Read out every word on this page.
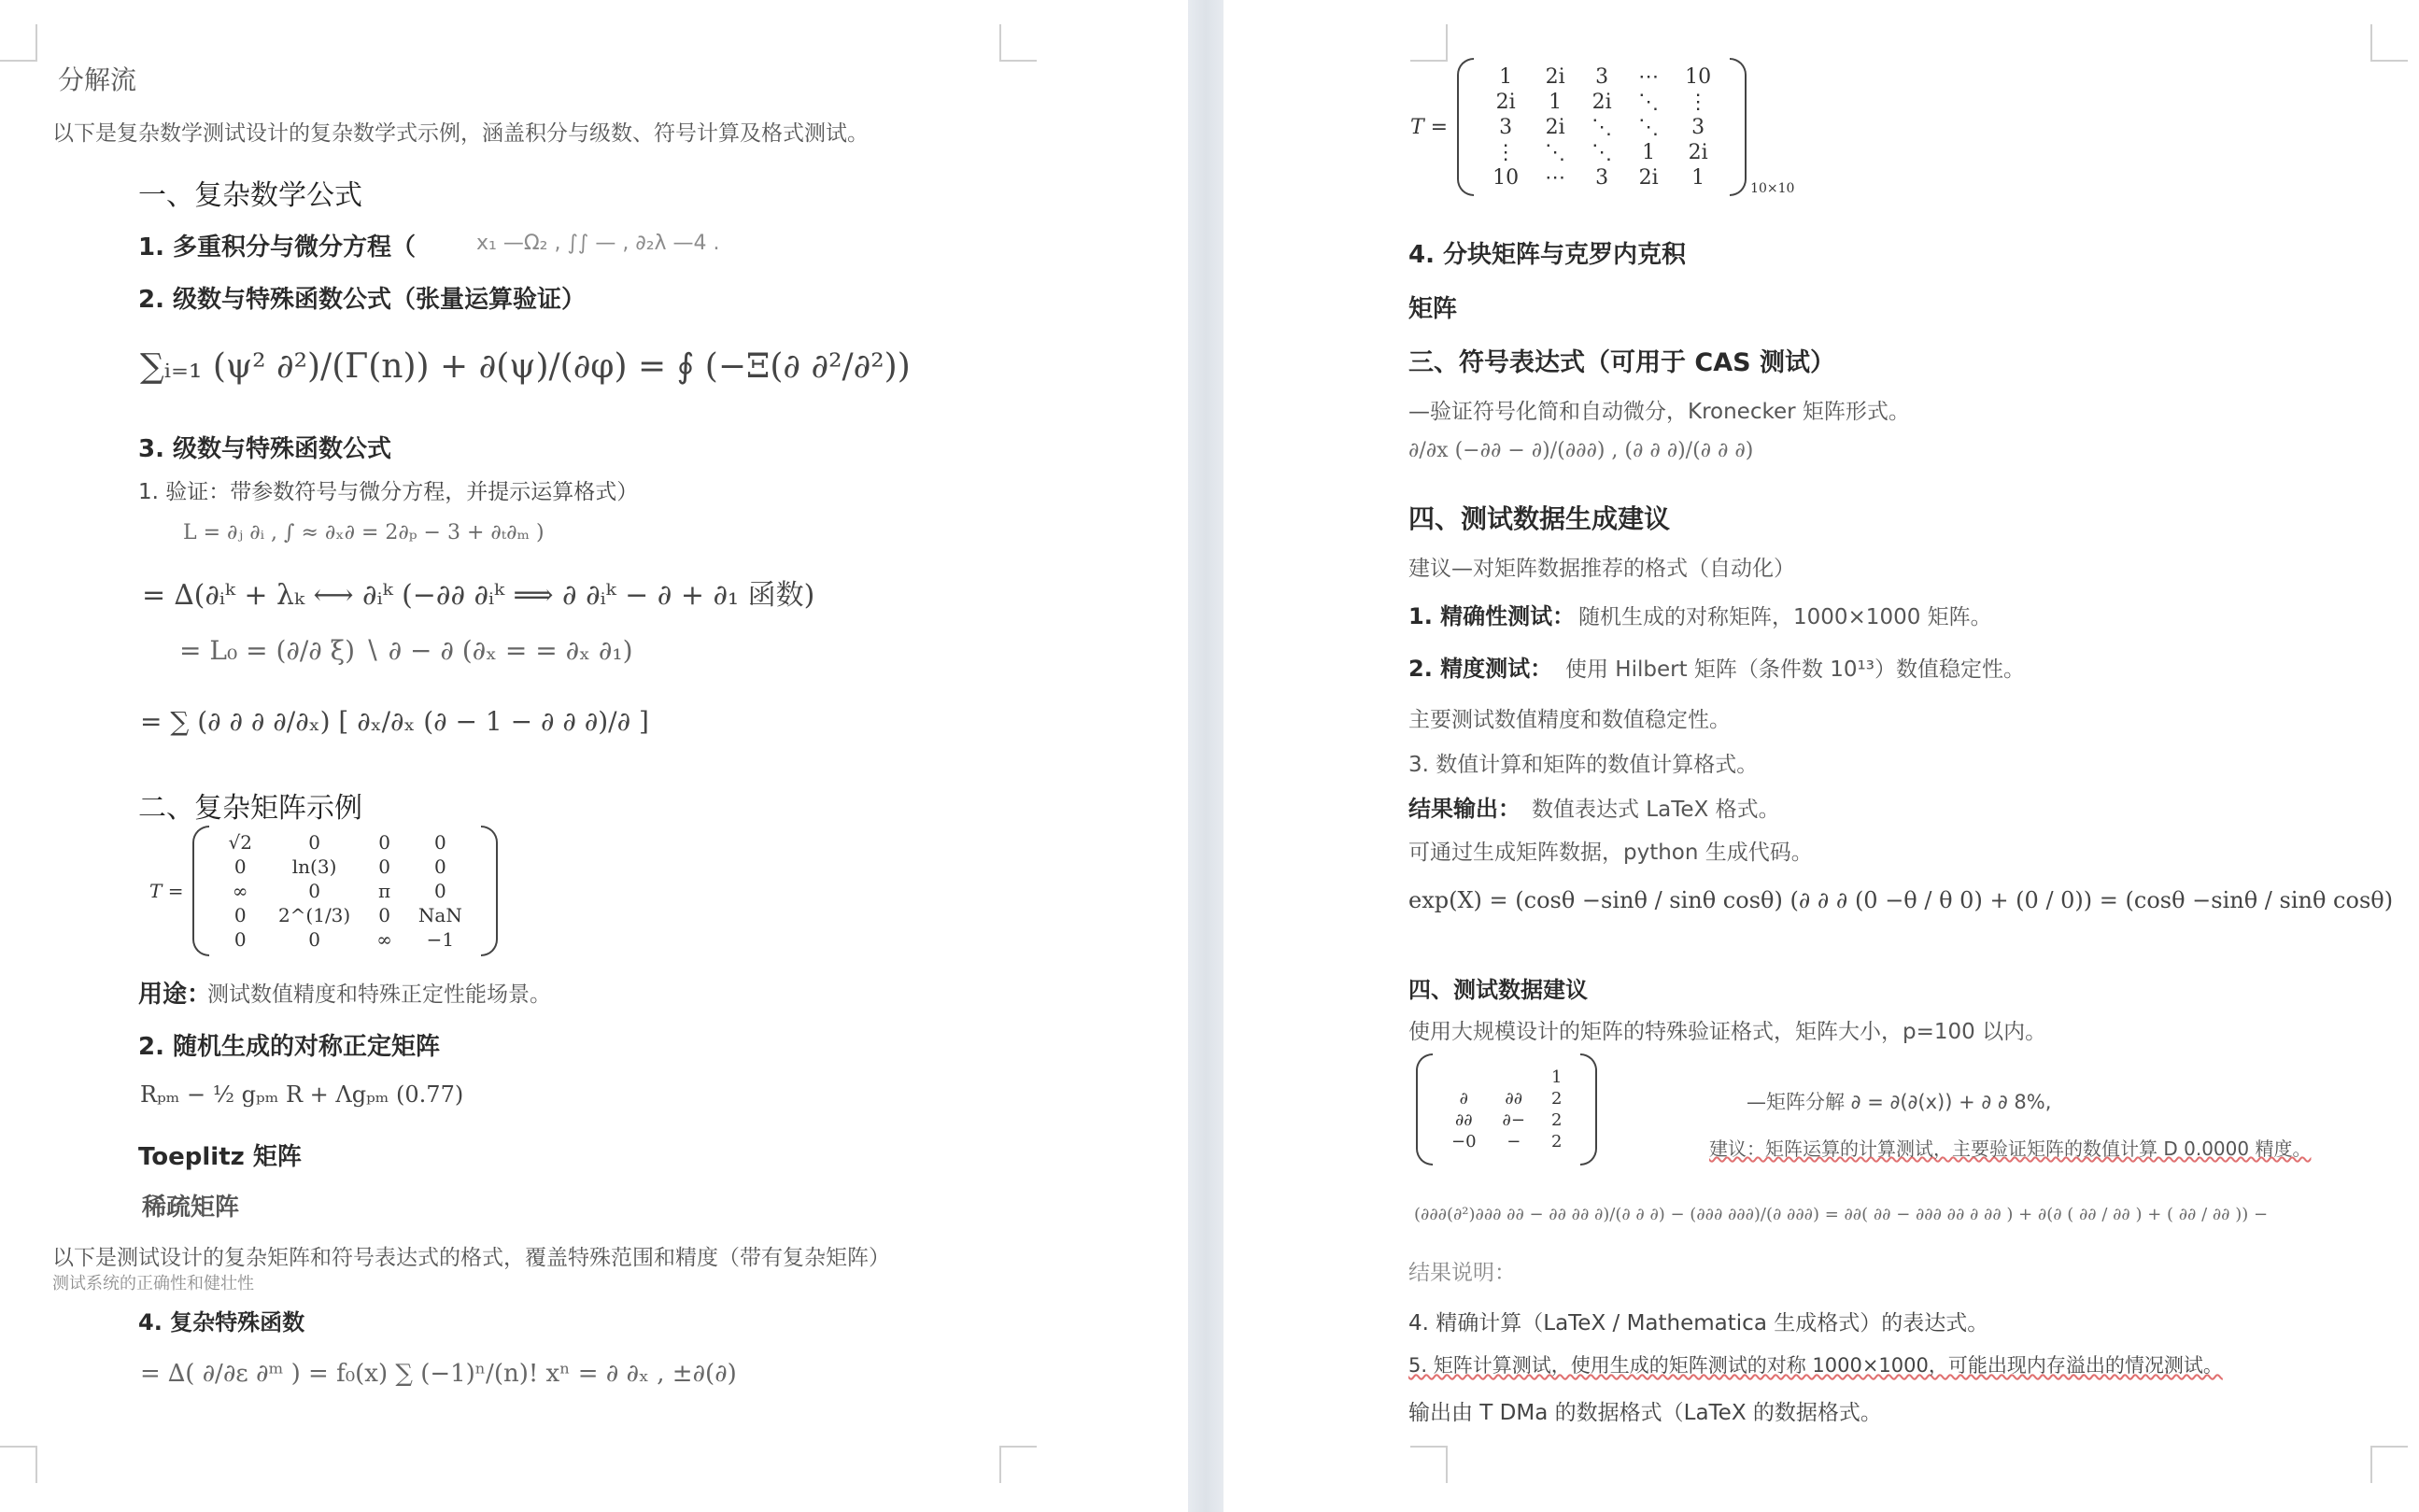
分解流
以下是复杂数学测试设计的复杂数学式示例，涵盖积分与级数、符号计算及格式测试。
一、复杂数学公式
1. 多重积分与微分方程（	x₁ —Ω₂ , ∫∫ — , ∂₂λ —4 .
2. 级数与特殊函数公式（张量运算验证）
∑ᵢ₌₁ (ψ² ∂²)/(Γ(n)) + ∂(ψ)/(∂φ) = ∮ (−Ξ(∂ ∂²/∂²))
3. 级数与特殊函数公式
1. 验证：带参数符号与微分方程，并提示运算格式）
L = ∂ⱼ ∂ᵢ , ∫ ≈ ∂ₓ∂ = 2∂ₚ − 3 + ∂ₜ∂ₘ )
= ∆(∂ᵢᵏ + λₖ ⟷ ∂ᵢᵏ (−∂∂ ∂ᵢᵏ ⟹ ∂ ∂ᵢᵏ − ∂ + ∂₁ 函数)
= L₀ = (∂/∂ ξ) ∖ ∂ − ∂ (∂ₓ = = ∂ₓ ∂₁)
= ∑ (∂ ∂ ∂ ∂/∂ₓ) [ ∂ₓ/∂ₓ (∂ − 1 − ∂ ∂ ∂)/∂ ]
二、复杂矩阵示例
T =
√2	0	0	0
0	ln(3)	0	0
∞	0	π	0
0	2^(1/3)	0	NaN
0	0	∞	−1
用途：
测试数值精度和特殊正定性能场景。
2. 随机生成的对称正定矩阵
Rₚₘ − ½ gₚₘ R + Λgₚₘ (0.77)
Toeplitz 矩阵
稀疏矩阵
以下是测试设计的复杂矩阵和符号表达式的格式，覆盖特殊范围和精度（带有复杂矩阵）
测试系统的正确性和健壮性
4. 复杂特殊函数
= ∆( ∂/∂ε ∂ᵐ ) = f₀(x) ∑ (−1)ⁿ/(n)! xⁿ = ∂ ∂ₓ , ±∂(∂)
T =
1	2i	3	⋯	10
2i	1	2i	⋱	⋮
3	2i	⋱	⋱	3
⋮	⋱	⋱	1	2i
10	⋯	3	2i	1	10×10
4. 分块矩阵与克罗内克积
矩阵
三、符号表达式（可用于 CAS 测试）
—验证符号化简和自动微分，Kronecker 矩阵形式。
∂/∂x (−∂∂ − ∂)/(∂∂∂) , (∂ ∂ ∂)/(∂ ∂ ∂)
四、测试数据生成建议
建议—对矩阵数据推荐的格式（自动化）
1. 精确性测试： 随机生成的对称矩阵，1000×1000 矩阵。
2. 精度测试： 使用 Hilbert 矩阵（条件数 10¹³）数值稳定性。
主要测试数值精度和数值稳定性。
3. 数值计算和矩阵的数值计算格式。
结果输出： 数值表达式 LaTeX 格式。
可通过生成矩阵数据，python 生成代码。
exp(X) = (cosθ −sinθ / sinθ cosθ) (∂ ∂ ∂ (0 −θ / θ 0) + (0 / 0)) = (cosθ −sinθ / sinθ cosθ)
四、测试数据建议
使用大规模设计的矩阵的特殊验证格式，矩阵大小，p=100 以内。
		1
∂	∂∂	2
∂∂	∂−	2
−0	−	2
—矩阵分解 ∂ = ∂(∂(x)) + ∂ ∂ 8%,
建议：矩阵运算的计算测试，主要验证矩阵的数值计算 D 0.0000 精度。
(∂∂∂(∂²)∂∂∂ ∂∂ − ∂∂ ∂∂ ∂)/(∂ ∂ ∂) − (∂∂∂ ∂∂∂)/(∂ ∂∂∂) = ∂∂( ∂∂ − ∂∂∂ ∂∂ ∂ ∂∂ ) + ∂(∂ ( ∂∂ / ∂∂ ) + ( ∂∂ / ∂∂ )) −
结果说明：
4. 精确计算（LaTeX / Mathematica 生成格式）的表达式。
5. 矩阵计算测试，使用生成的矩阵测试的对称 1000×1000，可能出现内存溢出的情况测试。
输出由 T DMa 的数据格式（LaTeX 的数据格式。
